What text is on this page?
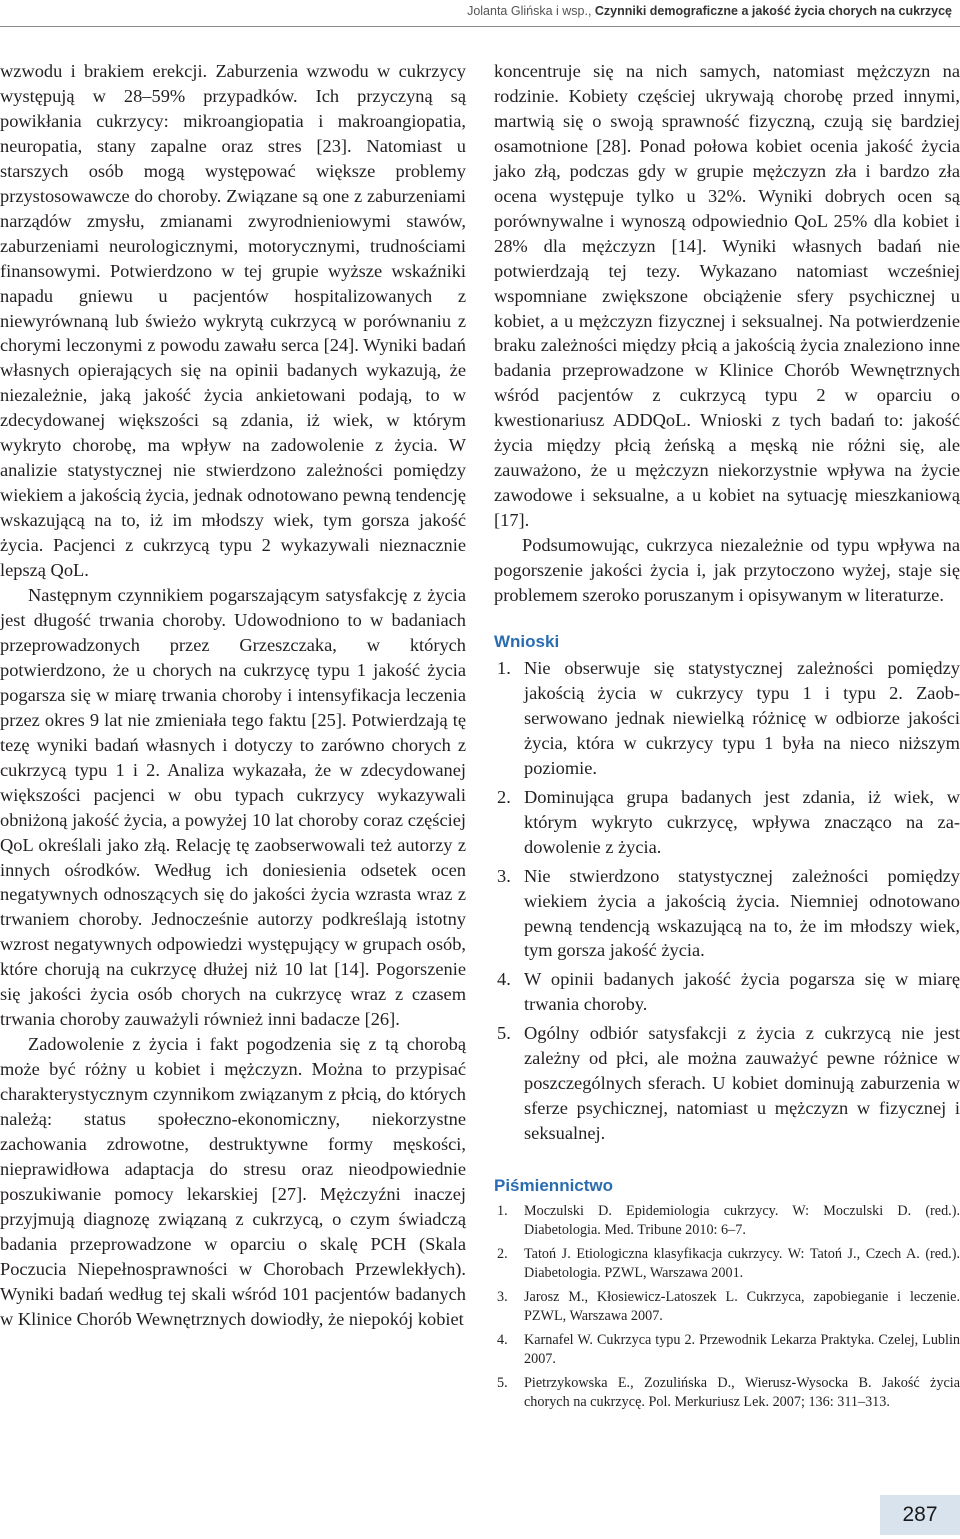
Jolanta Glińska i wsp., Czynniki demograficzne a jakość życia chorych na cukrzycę

wzwodu i brakiem erekcji. Zaburzenia wzwodu w cukrzycy występują w 28–59% przypadków. Ich przyczyną są powikłania cukrzycy: mikroangiopatia i makroangiopatia, neuropatia, stany zapalne oraz stres [23]. Natomiast u starszych osób mogą występować większe problemy przystosowawcze do choroby. Związane są one z zaburzeniami narządów zmysłu, zmianami zwyrodnieniowymi stawów, zaburzeniami neurologicznymi, motorycznymi, trudnościami finansowymi. Potwierdzono w tej grupie wyższe wskaźniki napadu gniewu u pacjentów hospitalizowanych z niewyrównaną lub świeżo wykrytą cukrzycą w porównaniu z chorymi leczonymi z powodu zawału serca [24]. Wyniki badań własnych opierających się na opinii badanych wykazują, że niezależnie, jaką jakość życia ankietowani podają, to w zdecydowanej większości są zdania, iż wiek, w którym wykryto chorobę, ma wpływ na zadowolenie z życia. W analizie statystycznej nie stwierdzono zależności pomiędzy wiekiem a jakością życia, jednak odnotowano pewną tendencję wskazującą na to, iż im młodszy wiek, tym gorsza jakość życia. Pacjenci z cukrzycą typu 2 wykazywali nieznacznie lepszą QoL.

Następnym czynnikiem pogarszającym satysfakcję z życia jest długość trwania choroby. Udowodniono to w badaniach przeprowadzonych przez Grzeszczaka, w których potwierdzono, że u chorych na cukrzycę typu 1 jakość życia pogarsza się w miarę trwania choroby i intensyfikacja leczenia przez okres 9 lat nie zmieniała tego faktu [25]. Potwierdzają tę tezę wyniki badań własnych i dotyczy to zarówno chorych z cukrzycą typu 1 i 2. Analiza wykazała, że w zdecydowanej większości pacjenci w obu typach cukrzycy wykazywali obniżoną jakość życia, a powyżej 10 lat choroby coraz częściej QoL określali jako złą. Relację tę zaobserwowali też autorzy z innych ośrodków. Według ich doniesienia odsetek ocen negatywnych odnoszących się do jakości życia wzrasta wraz z trwaniem choroby. Jednocześnie autorzy podkreślają istotny wzrost negatywnych odpowiedzi występujący w grupach osób, które chorują na cukrzycę dłużej niż 10 lat [14]. Pogorszenie się jakości życia osób chorych na cukrzycę wraz z czasem trwania choroby zauważyli również inni badacze [26].

Zadowolenie z życia i fakt pogodzenia się z tą chorobą może być różny u kobiet i mężczyzn. Można to przypisać charakterystycznym czynnikom związanym z płcią, do których należą: status społeczno-ekonomiczny, niekorzystne zachowania zdrowotne, destruktywne formy męskości, nieprawidłowa adaptacja do stresu oraz nieodpowiednie poszukiwanie pomocy lekarskiej [27]. Mężczyźni inaczej przyjmują diagnozę związaną z cukrzycą, o czym świadczą badania przeprowadzone w oparciu o skalę PCH (Skala Poczucia Niepełnosprawności w Chorobach Przewlekłych). Wyniki badań według tej skali wśród 101 pacjentów badanych w Klinice Chorób Wewnętrznych dowiodły, że niepokój kobiet

koncentruje się na nich samych, natomiast mężczyzn na rodzinie. Kobiety częściej ukrywają chorobę przed innymi, martwią się o swoją sprawność fizyczną, czują się bardziej osamotnione [28]. Ponad połowa kobiet ocenia jakość życia jako złą, podczas gdy w grupie mężczyzn zła i bardzo zła ocena występuje tylko u 32%. Wyniki dobrych ocen są porównywalne i wynoszą odpowiednio QoL 25% dla kobiet i 28% dla mężczyzn [14]. Wyniki własnych badań nie potwierdzają tej tezy. Wykazano natomiast wcześniej wspomniane zwiększone obciążenie sfery psychicznej u kobiet, a u mężczyzn fizycznej i seksualnej. Na potwierdzenie braku zależności między płcią a jakością życia znaleziono inne badania przeprowadzone w Klinice Chorób Wewnętrznych wśród pacjentów z cukrzycą typu 2 w oparciu o kwestionariusz ADDQoL. Wnioski z tych badań to: jakość życia między płcią żeńską a męską nie różni się, ale zauważono, że u mężczyzn niekorzystnie wpływa na życie zawodowe i seksualne, a u kobiet na sytuację mieszkaniową [17].

Podsumowując, cukrzyca niezależnie od typu wpływa na pogorszenie jakości życia i, jak przytoczono wyżej, staje się problemem szeroko poruszanym i opisywanym w literaturze.

Wnioski
1. Nie obserwuje się statystycznej zależności pomiędzy jakością życia w cukrzycy typu 1 i typu 2. Zaobserwowano jednak niewielką różnicę w odbiorze jakości życia, która w cukrzycy typu 1 była na nieco niższym poziomie.
2. Dominująca grupa badanych jest zdania, iż wiek, w którym wykryto cukrzycę, wpływa znacząco na zadowolenie z życia.
3. Nie stwierdzono statystycznej zależności pomiędzy wiekiem życia a jakością życia. Niemniej odnotowano pewną tendencją wskazującą na to, że im młodszy wiek, tym gorsza jakość życia.
4. W opinii badanych jakość życia pogarsza się w miarę trwania choroby.
5. Ogólny odbiór satysfakcji z życia z cukrzycą nie jest zależny od płci, ale można zauważyć pewne różnice w poszczególnych sferach. U kobiet dominują zaburzenia w sferze psychicznej, natomiast u mężczyzn w fizycznej i seksualnej.
Piśmiennictwo
1. Moczulski D. Epidemiologia cukrzycy. W: Moczulski D. (red.). Diabetologia. Med. Tribune 2010: 6–7.
2. Tatoń J. Etiologiczna klasyfikacja cukrzycy. W: Tatoń J., Czech A. (red.). Diabetologia. PZWL, Warszawa 2001.
3. Jarosz M., Kłosiewicz-Latoszek L. Cukrzyca, zapobieganie i leczenie. PZWL, Warszawa 2007.
4. Karnafel W. Cukrzyca typu 2. Przewodnik Lekarza Praktyka. Czelej, Lublin 2007.
5. Pietrzykowska E., Zozulińska D., Wierusz-Wysocka B. Jakość życia chorych na cukrzycę. Pol. Merkuriusz Lek. 2007; 136: 311–313.
287
